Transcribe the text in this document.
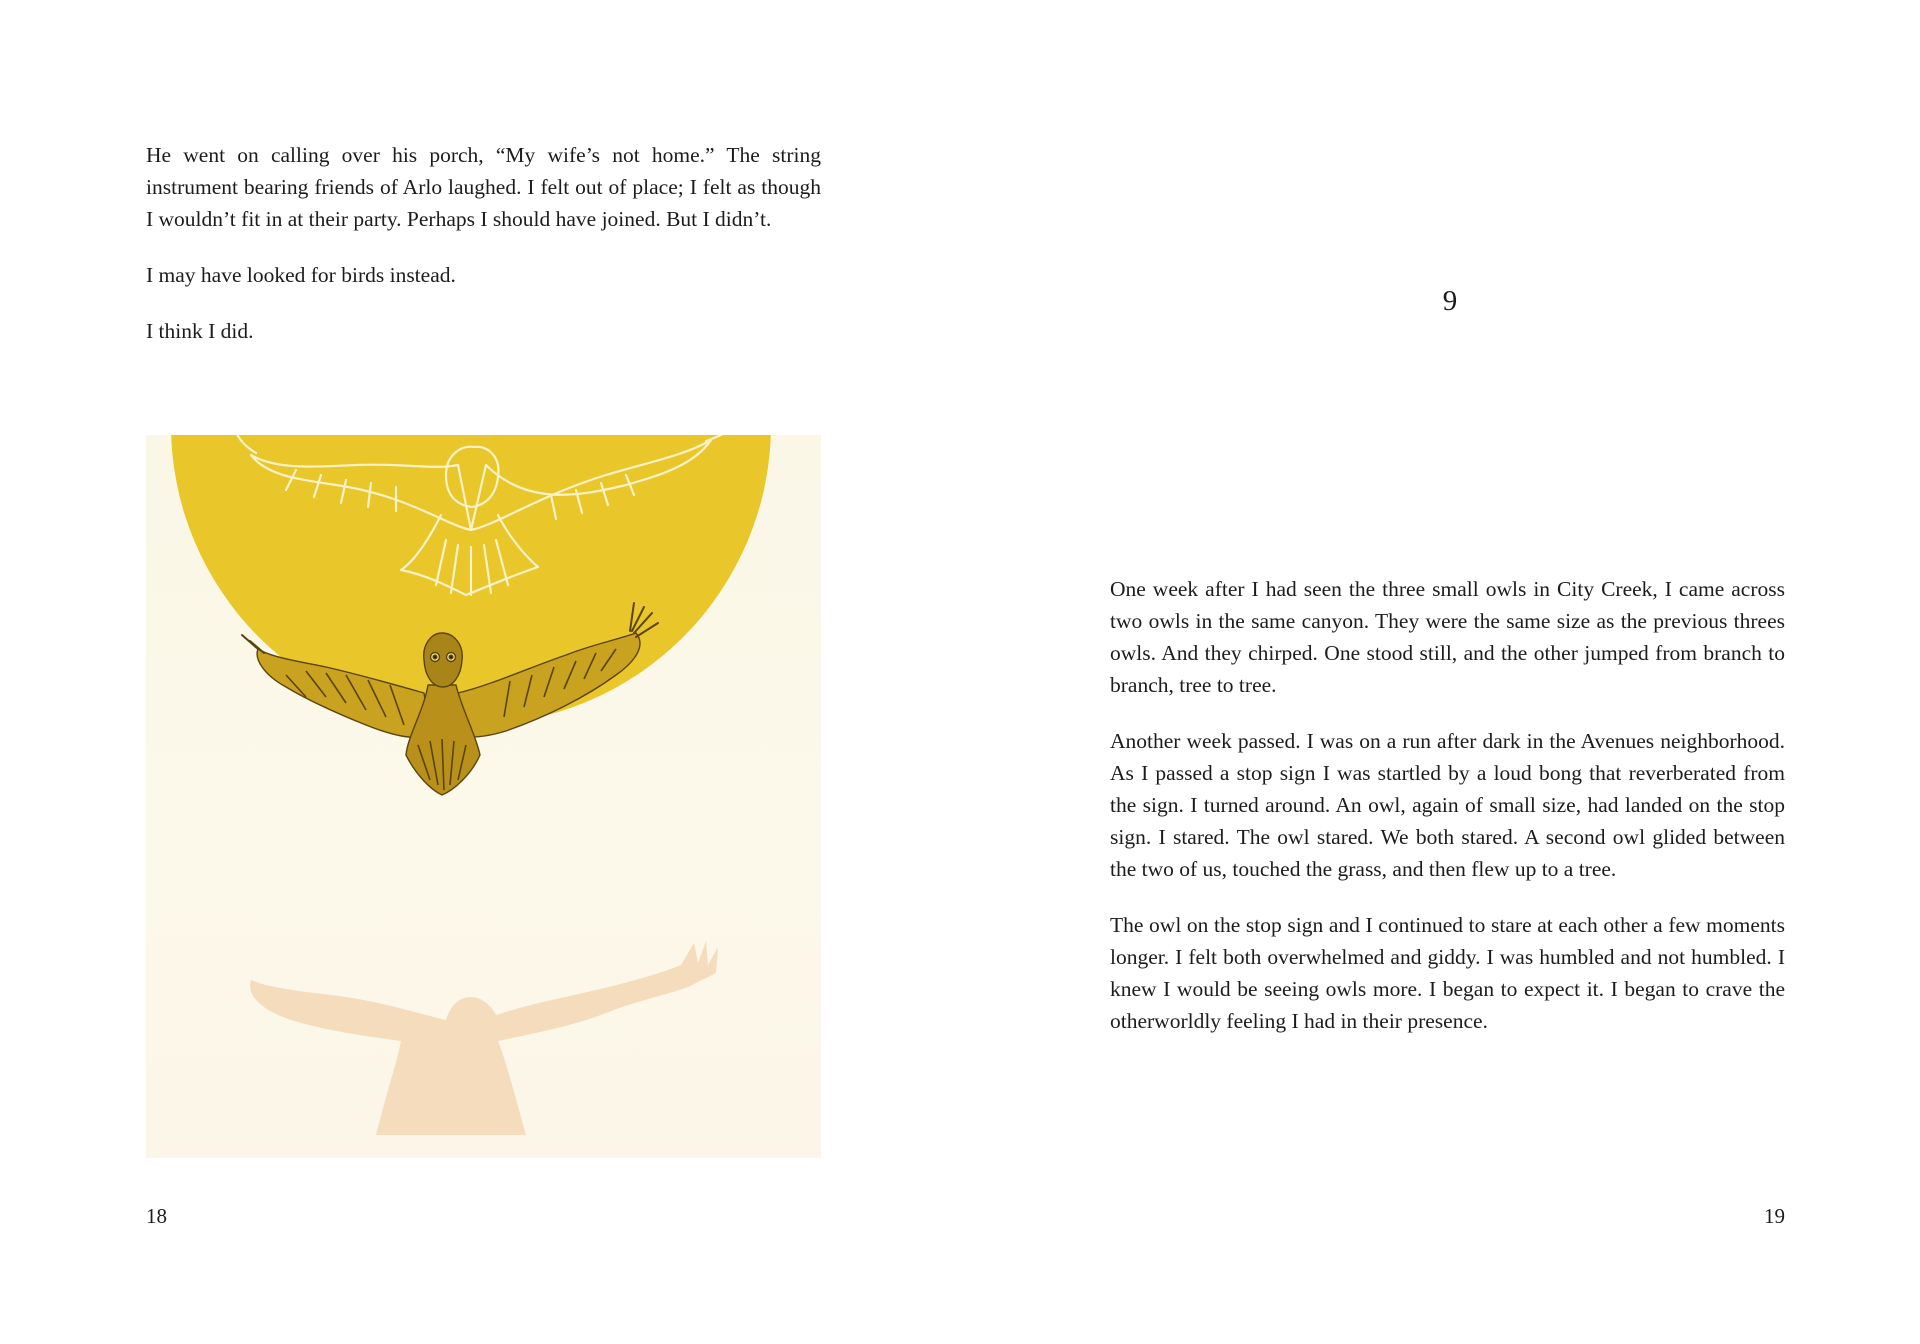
He went on calling over his porch, “My wife’s not home.” The string instrument bearing friends of Arlo laughed. I felt out of place; I felt as though I wouldn’t fit in at their party. Perhaps I should have joined. But I didn’t.

I may have looked for birds instead.

I think I did.

18
9

One week after I had seen the three small owls in City Creek, I came across two owls in the same canyon. They were the same size as the previous threes owls. And they chirped. One stood still, and the other jumped from branch to branch, tree to tree.

Another week passed. I was on a run after dark in the Avenues neighborhood. As I passed a stop sign I was startled by a loud bong that reverberated from the sign. I turned around. An owl, again of small size, had landed on the stop sign. I stared. The owl stared. We both stared. A second owl glided between the two of us, touched the grass, and then flew up to a tree.

The owl on the stop sign and I continued to stare at each other a few moments longer. I felt both overwhelmed and giddy. I was humbled and not humbled. I knew I would be seeing owls more. I began to expect it. I began to crave the otherworldly feeling I had in their presence.

19
